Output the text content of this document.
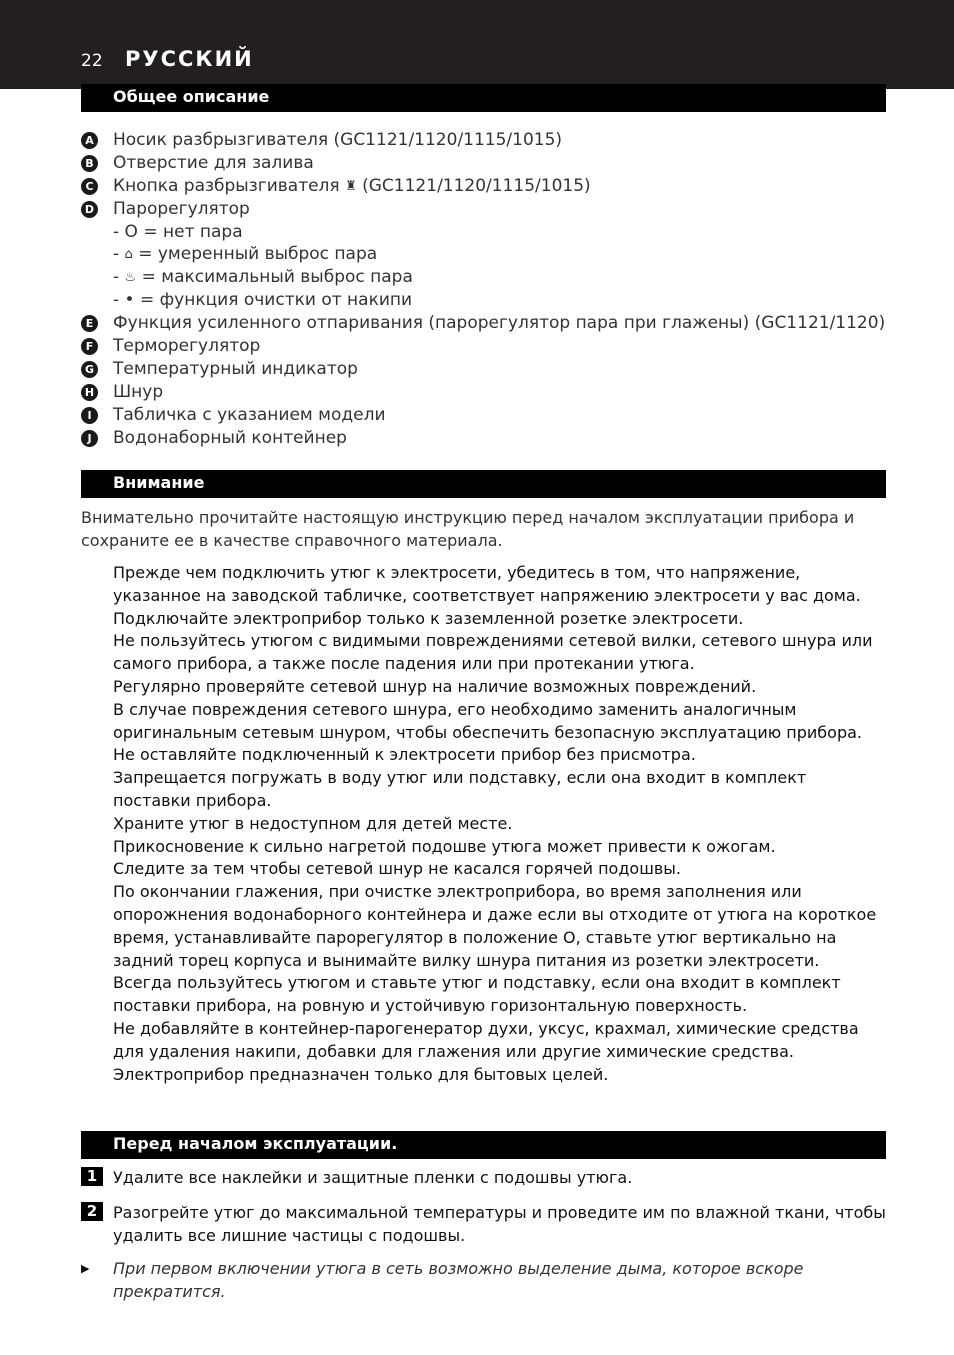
22 РУССКИЙ
Общее описание
A Носик разбрызгивателя (GC1121/1120/1115/1015)
B Отверстие для залива
C Кнопка разбрызгивателя ♜ (GC1121/1120/1115/1015)
D Парорегулятор
- O = нет пара
- ⌂ = умеренный выброс пара
- ♨ = максимальный выброс пара
- • = функция очистки от накипи
E Функция усиленного отпаривания (парорегулятор пара при глажены) (GC1121/1120)
F Терморегулятор
G Температурный индикатор
H Шнур
I	Табличка с указанием модели
J	Водонаборный контейнер
Внимание
Внимательно прочитайте настоящую инструкцию перед началом эксплуатации прибора и сохраните ее в качестве справочного материала.
Прежде чем подключить утюг к электросети, убедитесь в том, что напряжение, указанное на заводской табличке, соответствует напряжению электросети у вас дома.
Подключайте электроприбор только к заземленной розетке электросети.
Не пользуйтесь утюгом с видимыми повреждениями сетевой вилки, сетевого шнура или самого прибора, а также после падения или при протекании утюга.
Регулярно проверяйте сетевой шнур на наличие возможных повреждений.
В случае повреждения сетевого шнура, его необходимо заменить аналогичным оригинальным сетевым шнуром, чтобы обеспечить безопасную эксплуатацию прибора.
Не оставляйте подключенный к электросети прибор без присмотра.
Запрещается погружать в воду утюг или подставку, если она входит в комплект поставки прибора.
Храните утюг в недоступном для детей месте.
Прикосновение к сильно нагретой подошве утюга может привести к ожогам.
Следите за тем чтобы сетевой шнур не касался горячей подошвы.
По окончании глажения, при очистке электроприбора, во время заполнения или опорожнения водонаборного контейнера и даже если вы отходите от утюга на короткое время, устанавливайте парорегулятор в положение O, ставьте утюг вертикально на задний торец корпуса и вынимайте вилку шнура питания из розетки электросети.
Всегда пользуйтесь утюгом и ставьте утюг и подставку, если она входит в комплект поставки прибора, на ровную и устойчивую горизонтальную поверхность.
Не добавляйте в контейнер-парогенератор духи, уксус, крахмал, химические средства для удаления накипи, добавки для глажения или другие химические средства.
Электроприбор предназначен только для бытовых целей.
Перед началом эксплуатации.
1 Удалите все наклейки и защитные пленки с подошвы утюга.
2 Разогрейте утюг до максимальной температуры и проведите им по влажной ткани, чтобы удалить все лишние частицы с подошвы.
▶ При первом включении утюга в сеть возможно выделение дыма, которое вскоре прекратится.
